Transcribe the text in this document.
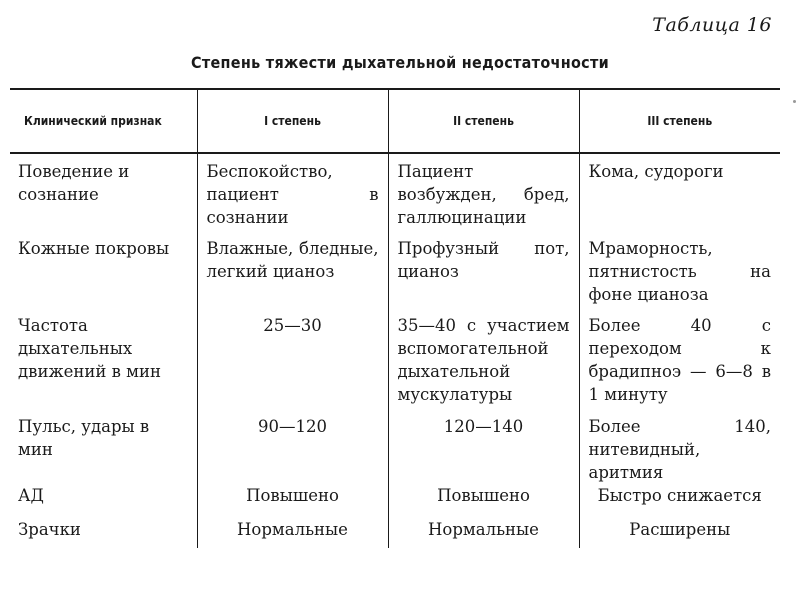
Таблица 16
Степень тяжести дыхательной недостаточности
Клинический признак	I степень	II степень	III степень
Поведение и сознание	Беспокойство, пациент в сознании	Пациент возбужден, бред, галлюцинации	Кома, судороги
Кожные покровы	Влажные, бледные, легкий цианоз	Профузный пот, цианоз	Мраморность, пятнистость на фоне цианоза
Частота дыхательных движений в мин	25—30	35—40 с участием вспомогательной дыхательной мускулатуры	Более 40 с переходом к брадипноэ — 6—8 в 1 минуту
Пульс, удары в мин	90—120	120—140	Более 140, нитевидный, аритмия
АД	Повышено	Повышено	Быстро снижается
Зрачки	Нормальные	Нормальные	Расширены
